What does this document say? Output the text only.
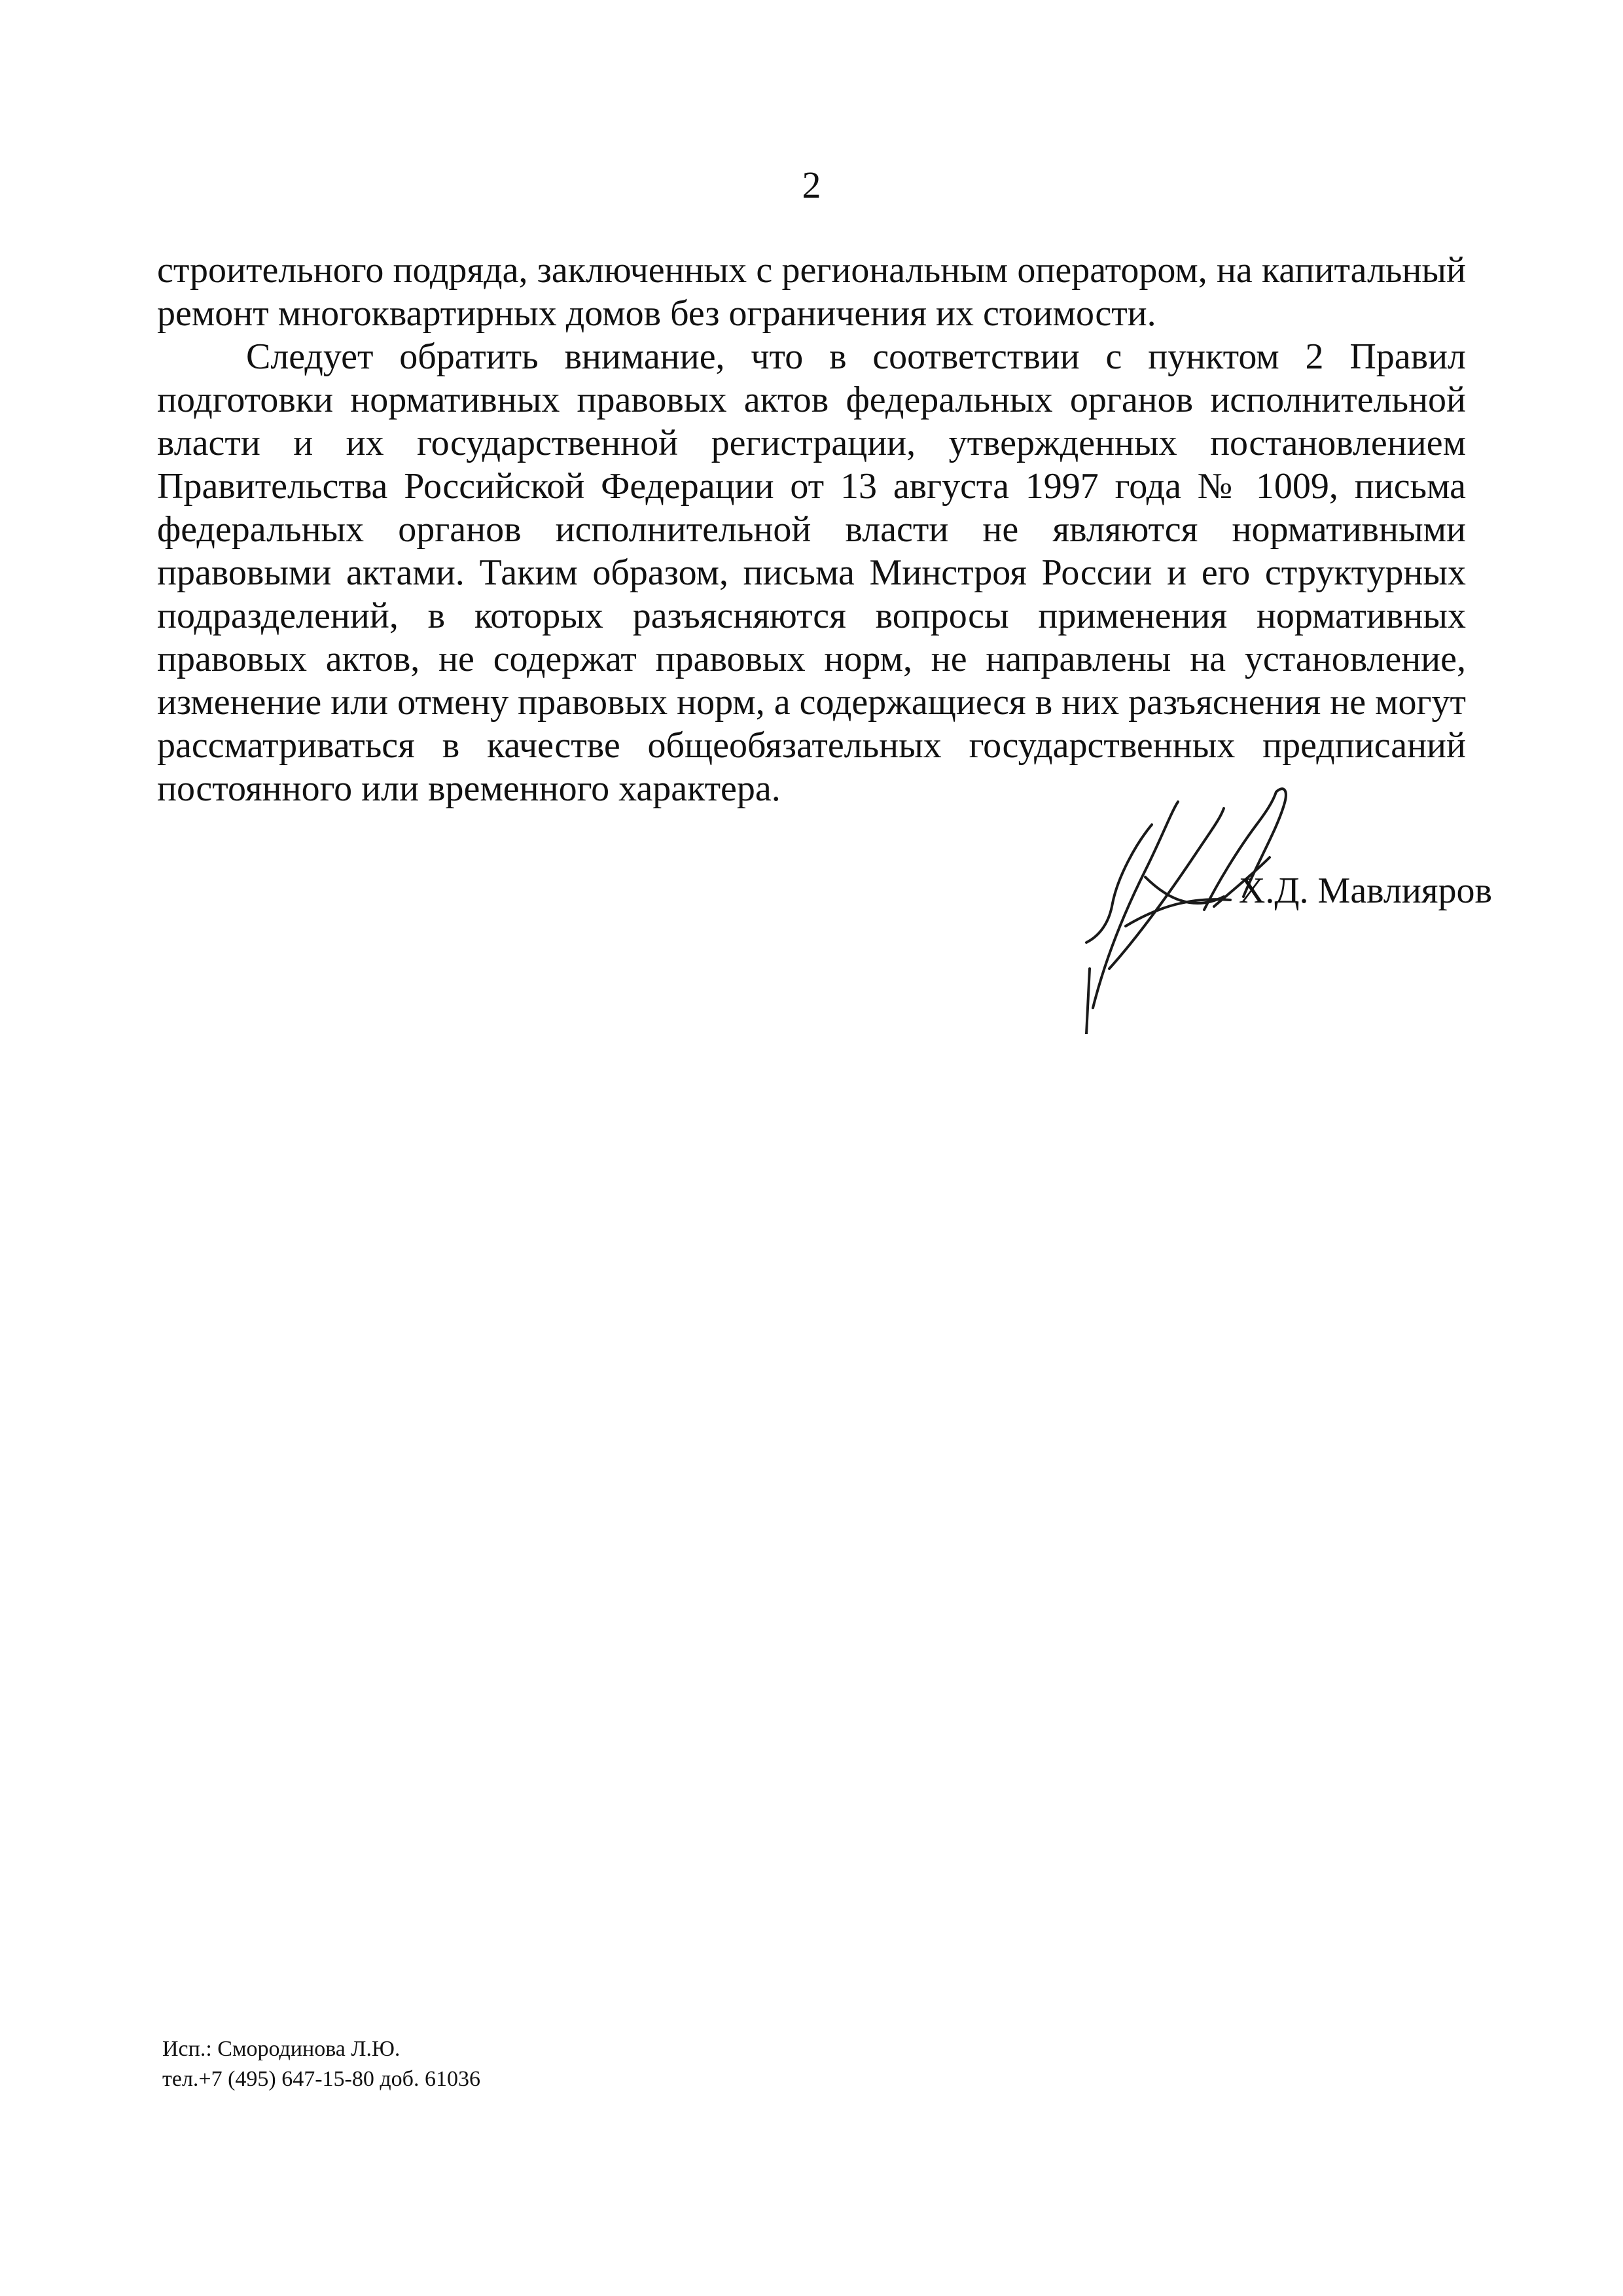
2

строительного подряда, заключенных с региональным оператором, на капитальный ремонт многоквартирных домов без ограничения их стоимости.

Следует обратить внимание, что в соответствии с пунктом 2 Правил подготовки нормативных правовых актов федеральных органов исполнительной власти и их государственной регистрации, утвержденных постановлением Правительства Российской Федерации от 13 августа 1997 года № 1009, письма федеральных органов исполнительной власти не являются нормативными правовыми актами. Таким образом, письма Минстроя России и его структурных подразделений, в которых разъясняются вопросы применения нормативных правовых актов, не содержат правовых норм, не направлены на установление, изменение или отмену правовых норм, а содержащиеся в них разъяснения не могут рассматриваться в качестве общеобязательных государственных предписаний постоянного или временного характера.

Х.Д. Мавлияров
Исп.: Смородинова Л.Ю.
тел.+7 (495) 647-15-80 доб. 61036
